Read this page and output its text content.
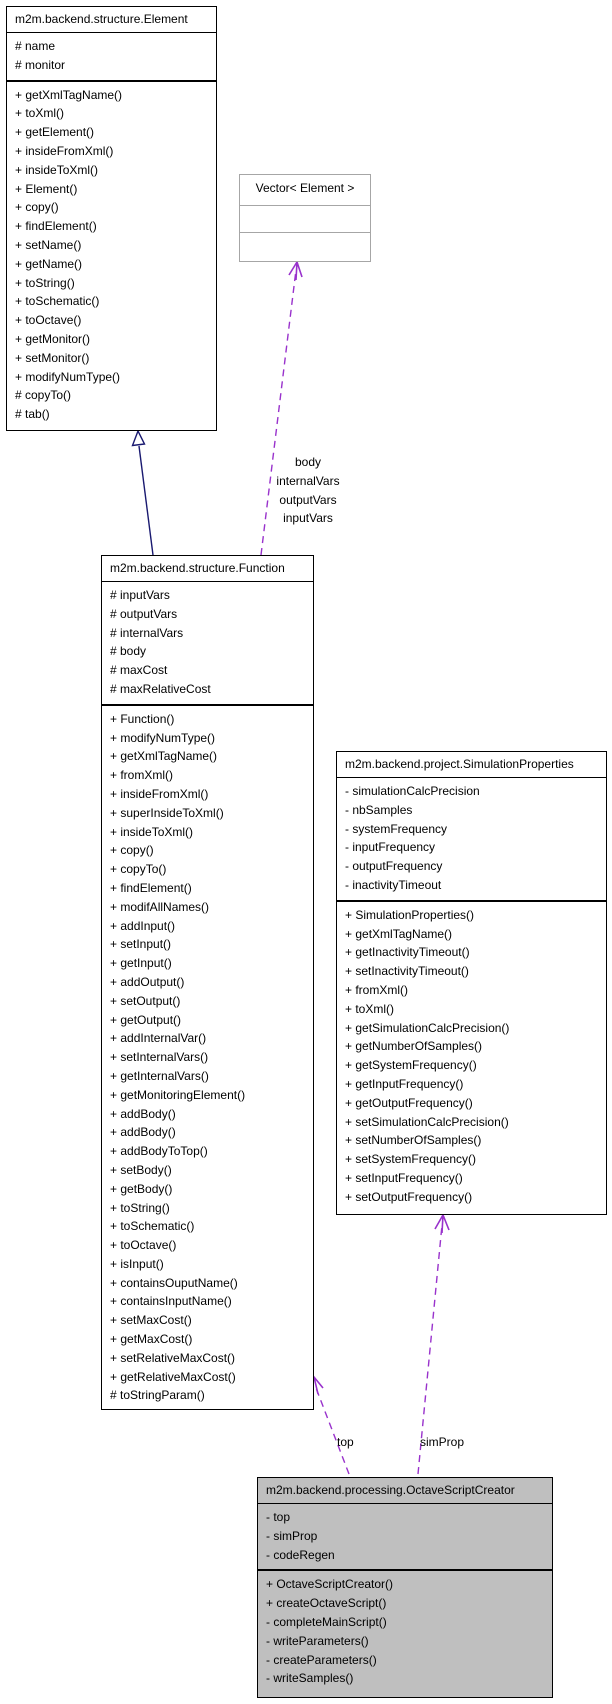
m2m.backend.structure.Element
# name
# monitor
+ getXmlTagName()
+ toXml()
+ getElement()
+ insideFromXml()
+ insideToXml()
+ Element()
+ copy()
+ findElement()
+ setName()
+ getName()
+ toString()
+ toSchematic()
+ toOctave()
+ getMonitor()
+ setMonitor()
+ modifyNumType()
# copyTo()
# tab()
Vector< Element >
m2m.backend.structure.Function
# inputVars
# outputVars
# internalVars
# body
# maxCost
# maxRelativeCost
+ Function()
+ modifyNumType()
+ getXmlTagName()
+ fromXml()
+ insideFromXml()
+ superInsideToXml()
+ insideToXml()
+ copy()
+ copyTo()
+ findElement()
+ modifAllNames()
+ addInput()
+ setInput()
+ getInput()
+ addOutput()
+ setOutput()
+ getOutput()
+ addInternalVar()
+ setInternalVars()
+ getInternalVars()
+ getMonitoringElement()
+ addBody()
+ addBody()
+ addBodyToTop()
+ setBody()
+ getBody()
+ toString()
+ toSchematic()
+ toOctave()
+ isInput()
+ containsOuputName()
+ containsInputName()
+ setMaxCost()
+ getMaxCost()
+ setRelativeMaxCost()
+ getRelativeMaxCost()
# toStringParam()
m2m.backend.project.SimulationProperties
- simulationCalcPrecision
- nbSamples
- systemFrequency
- inputFrequency
- outputFrequency
- inactivityTimeout
+ SimulationProperties()
+ getXmlTagName()
+ getInactivityTimeout()
+ setInactivityTimeout()
+ fromXml()
+ toXml()
+ getSimulationCalcPrecision()
+ getNumberOfSamples()
+ getSystemFrequency()
+ getInputFrequency()
+ getOutputFrequency()
+ setSimulationCalcPrecision()
+ setNumberOfSamples()
+ setSystemFrequency()
+ setInputFrequency()
+ setOutputFrequency()
m2m.backend.processing.OctaveScriptCreator
- top
- simProp
- codeRegen
+ OctaveScriptCreator()
+ createOctaveScript()
- completeMainScript()
- writeParameters()
- createParameters()
- writeSamples()
body
internalVars
outputVars
inputVars
top	simProp
